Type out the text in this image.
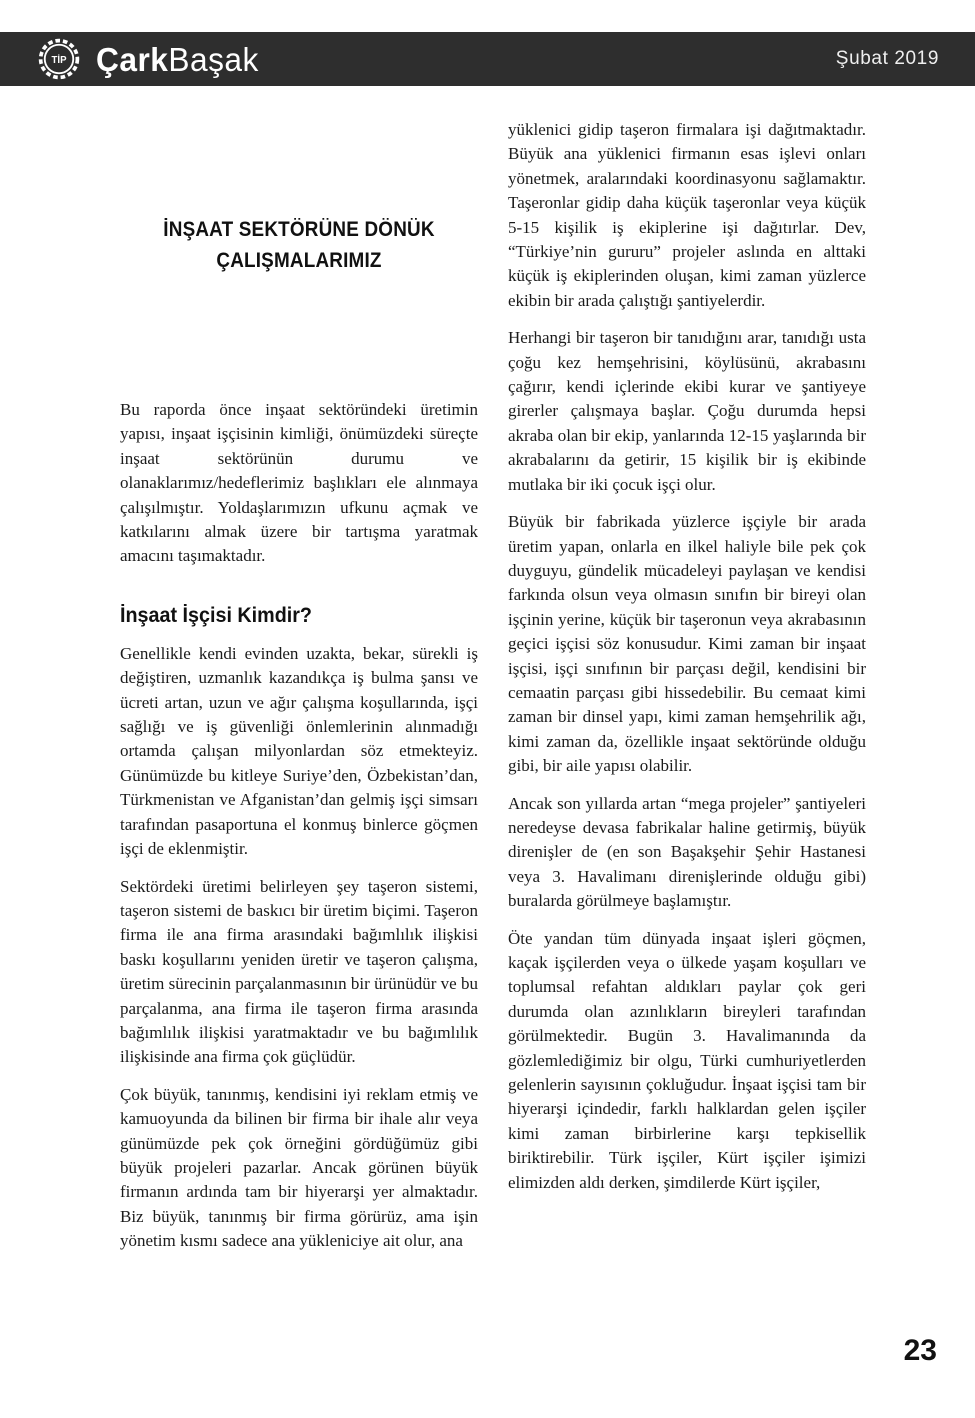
TİP Çark Başak	Şubat 2019
İNŞAAT SEKTÖRÜNE DÖNÜK
ÇALIŞMALARIMIZ

Bu raporda önce inşaat sektöründeki üretimin yapısı, inşaat işçisinin kimliği, önümüzdeki süreçte inşaat sektörünün durumu ve olanaklarımız/hedeflerimiz başlıkları ele alınmaya çalışılmıştır. Yoldaşlarımızın ufkunu açmak ve katkılarını almak üzere bir tartışma yaratmak amacını taşımaktadır.

İnşaat İşçisi Kimdir?

Genellikle kendi evinden uzakta, bekar, sürekli iş değiştiren, uzmanlık kazandıkça iş bulma şansı ve ücreti artan, uzun ve ağır çalışma koşullarında, işçi sağlığı ve iş güvenliği önlemlerinin alınmadığı ortamda çalışan milyonlardan söz etmekteyiz. Günümüzde bu kitleye Suriye’den, Özbekistan’dan, Türkmenistan ve Afganistan’dan gelmiş işçi simsarı tarafından pasaportuna el konmuş binlerce göçmen işçi de eklenmiştir.

Sektördeki üretimi belirleyen şey taşeron sistemi, taşeron sistemi de baskıcı bir üretim biçimi. Taşeron firma ile ana firma arasındaki bağımlılık ilişkisi baskı koşullarını yeniden üretir ve taşeron çalışma, üretim sürecinin parçalanmasının bir ürünüdür ve bu parçalanma, ana firma ile taşeron firma arasında bağımlılık ilişkisi yaratmaktadır ve bu bağımlılık ilişkisinde ana firma çok güçlüdür.

Çok büyük, tanınmış, kendisini iyi reklam etmiş ve kamuoyunda da bilinen bir firma bir ihale alır veya günümüzde pek çok örneğini gördüğümüz gibi büyük projeleri pazarlar. Ancak görünen büyük firmanın ardında tam bir hiyerarşi yer almaktadır. Biz büyük, tanınmış bir firma görürüz, ama işin yönetim kısmı sadece ana yükleniciye ait olur, ana

yüklenici gidip taşeron firmalara işi dağıtmaktadır. Büyük ana yüklenici firmanın esas işlevi onları yönetmek, aralarındaki koordinasyonu sağlamaktır. Taşeronlar gidip daha küçük taşeronlar veya küçük 5-15 kişilik iş ekiplerine işi dağıtırlar. Dev, “Türkiye’nin gururu” projeler aslında en alttaki küçük iş ekiplerinden oluşan, kimi zaman yüzlerce ekibin bir arada çalıştığı şantiyelerdir.

Herhangi bir taşeron bir tanıdığını arar, tanıdığı usta çoğu kez hemşehrisini, köylüsünü, akrabasını çağırır, kendi içlerinde ekibi kurar ve şantiyeye girerler çalışmaya başlar. Çoğu durumda hepsi akraba olan bir ekip, yanlarında 12-15 yaşlarında bir akrabalarını da getirir, 15 kişilik bir iş ekibinde mutlaka bir iki çocuk işçi olur.

Büyük bir fabrikada yüzlerce işçiyle bir arada üretim yapan, onlarla en ilkel haliyle bile pek çok duyguyu, gündelik mücadeleyi paylaşan ve kendisi farkında olsun veya olmasın sınıfın bir bireyi olan işçinin yerine, küçük bir taşeronun veya akrabasının geçici işçisi söz konusudur. Kimi zaman bir inşaat işçisi, işçi sınıfının bir parçası değil, kendisini bir cemaatin parçası gibi hissedebilir. Bu cemaat kimi zaman bir dinsel yapı, kimi zaman hemşehrilik ağı, kimi zaman da, özellikle inşaat sektöründe olduğu gibi, bir aile yapısı olabilir.

Ancak son yıllarda artan “mega projeler” şantiyeleri neredeyse devasa fabrikalar haline getirmiş, büyük direnişler de (en son Başakşehir Şehir Hastanesi veya 3. Havalimanı direnişlerinde olduğu gibi) buralarda görülmeye başlamıştır.

Öte yandan tüm dünyada inşaat işleri göçmen, kaçak işçilerden veya o ülkede yaşam koşulları ve toplumsal refahtan aldıkları paylar çok geri durumda olan azınlıkların bireyleri tarafından görülmektedir. Bugün 3. Havalimanında da gözlemlediğimiz bir olgu, Türki cumhuriyetlerden gelenlerin sayısının çokluğudur. İnşaat işçisi tam bir hiyerarşi içindedir, farklı halklardan gelen işçiler kimi zaman birbirlerine karşı tepkisellik biriktirebilir. Türk işçiler, Kürt işçiler işimizi elimizden aldı derken, şimdilerde Kürt işçiler,

23
